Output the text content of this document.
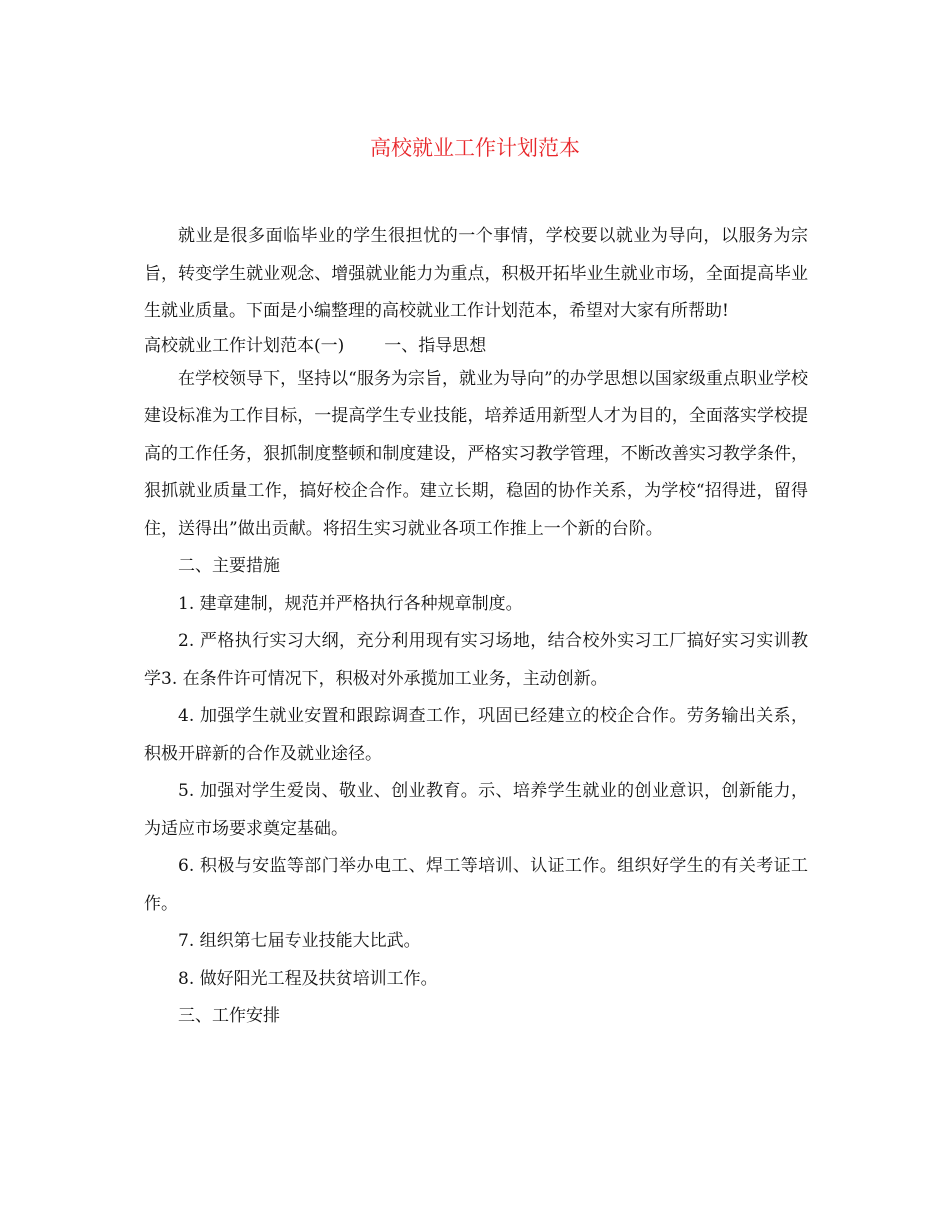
高校就业工作计划范本

就业是很多面临毕业的学生很担忧的一个事情，学校要以就业为导向，以服务为宗旨，转变学生就业观念、增强就业能力为重点，积极开拓毕业生就业市场，全面提高毕业生就业质量。下面是小编整理的高校就业工作计划范本，希望对大家有所帮助!

高校就业工作计划范本(一) 一、指导思想

在学校领导下，坚持以“服务为宗旨，就业为导向”的办学思想以国家级重点职业学校建设标准为工作目标，一提高学生专业技能，培养适用新型人才为目的，全面落实学校提高的工作任务，狠抓制度整顿和制度建设，严格实习教学管理，不断改善实习教学条件，狠抓就业质量工作，搞好校企合作。建立长期，稳固的协作关系，为学校“招得进，留得住，送得出”做出贡献。将招生实习就业各项工作推上一个新的台阶。

二、主要措施

1. 建章建制，规范并严格执行各种规章制度。

2. 严格执行实习大纲，充分利用现有实习场地，结合校外实习工厂搞好实习实训教学3. 在条件许可情况下，积极对外承揽加工业务，主动创新。

4. 加强学生就业安置和跟踪调查工作，巩固已经建立的校企合作。劳务输出关系，积极开辟新的合作及就业途径。

5. 加强对学生爱岗、敬业、创业教育。示、培养学生就业的创业意识，创新能力，为适应市场要求奠定基础。

6. 积极与安监等部门举办电工、焊工等培训、认证工作。组织好学生的有关考证工作。

7. 组织第七届专业技能大比武。

8. 做好阳光工程及扶贫培训工作。

三、工作安排
